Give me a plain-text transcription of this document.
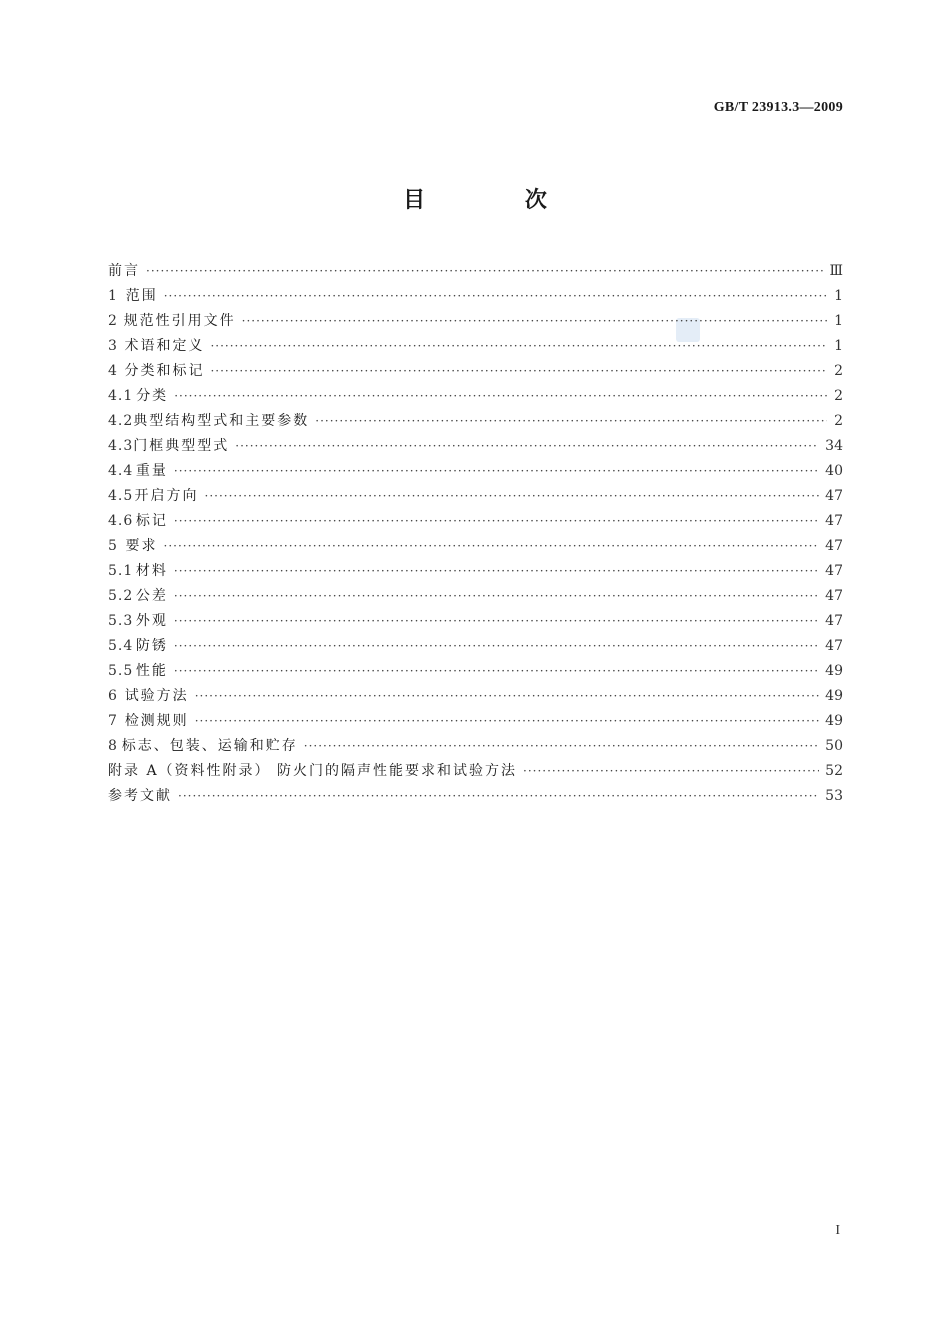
GB/T 23913.3—2009
目 次
前言 ·····	Ⅲ
1 范围 ·····	1
2 规范性引用文件 ·····	1
3 术语和定义 ·····	1
4 分类和标记 ·····	2
4.1 分类 ·····	2
4.2 典型结构型式和主要参数 ·····	2
4.3 门框典型型式 ·····	34
4.4 重量 ·····	40
4.5 开启方向 ·····	47
4.6 标记 ·····	47
5 要求 ·····	47
5.1 材料 ·····	47
5.2 公差 ·····	47
5.3 外观 ·····	47
5.4 防锈 ·····	47
5.5 性能 ·····	49
6 试验方法 ·····	49
7 检测规则 ·····	49
8 标志、包装、运输和贮存 ·····	50
附录 A（资料性附录） 防火门的隔声性能要求和试验方法 ·····	52
参考文献 ·····	53
I
